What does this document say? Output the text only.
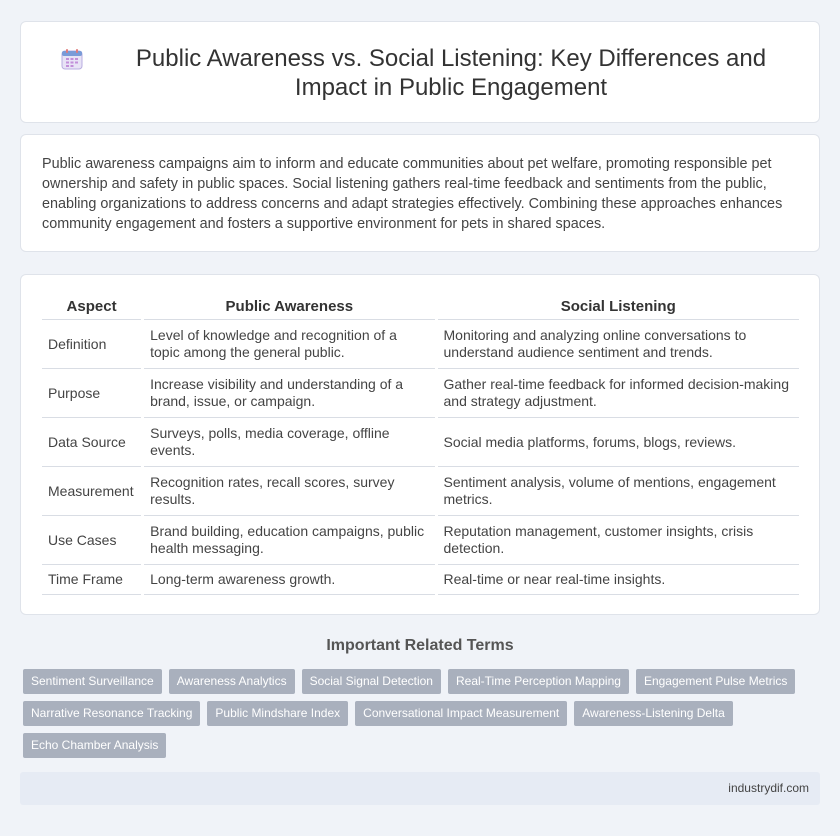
Public Awareness vs. Social Listening: Key Differences and Impact in Public Engagement

Public awareness campaigns aim to inform and educate communities about pet welfare, promoting responsible pet ownership and safety in public spaces. Social listening gathers real-time feedback and sentiments from the public, enabling organizations to address concerns and adapt strategies effectively. Combining these approaches enhances community engagement and fosters a supportive environment for pets in shared spaces.

Aspect		Public Awareness		Social Listening
Definition		Level of knowledge and recognition of a topic among the general public.		Monitoring and analyzing online conversations to understand audience sentiment and trends.
Purpose		Increase visibility and understanding of a brand, issue, or campaign.		Gather real-time feedback for informed decision-making and strategy adjustment.
Data Source		Surveys, polls, media coverage, offline events.		Social media platforms, forums, blogs, reviews.
Measurement		Recognition rates, recall scores, survey results.		Sentiment analysis, volume of mentions, engagement metrics.
Use Cases		Brand building, education campaigns, public health messaging.		Reputation management, customer insights, crisis detection.
Time Frame		Long-term awareness growth.		Real-time or near real-time insights.
Important Related Terms
Sentiment Surveillance	Awareness Analytics	Social Signal Detection	Real-Time Perception Mapping	Engagement Pulse Metrics
Narrative Resonance Tracking	Public Mindshare Index	Conversational Impact Measurement	Awareness-Listening Delta
Echo Chamber Analysis
industrydif.com
